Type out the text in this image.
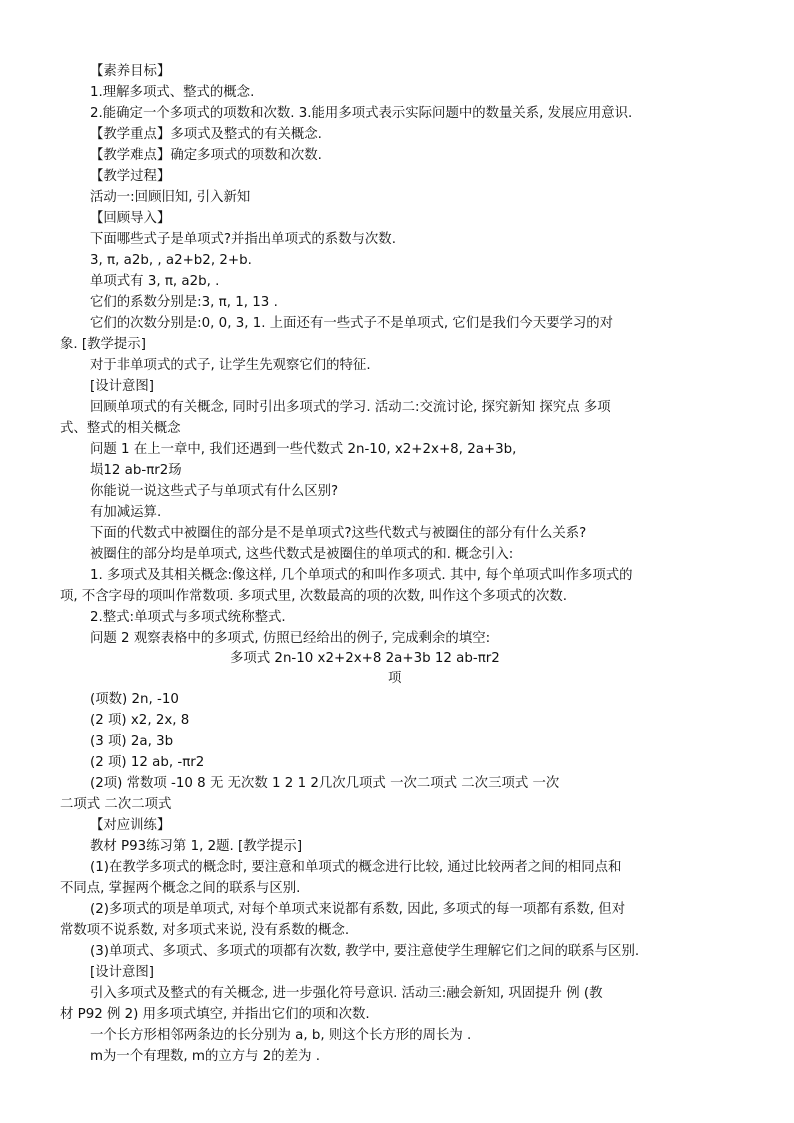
【素养目标】

1.理解多项式、整式的概念.

2.能确定一个多项式的项数和次数. 3.能用多项式表示实际问题中的数量关系, 发展应用意识.

【教学重点】多项式及整式的有关概念.

【教学难点】确定多项式的项数和次数.

【教学过程】

活动一:回顾旧知, 引入新知

【回顾导入】

下面哪些式子是单项式?并指出单项式的系数与次数.

3, π, a2b, , a2+b2, 2+b.

单项式有 3, π, a2b, .

它们的系数分别是:3, π, 1, 13 .

它们的次数分别是:0, 0, 3, 1. 上面还有一些式子不是单项式, 它们是我们今天要学习的对

象. [教学提示]

对于非单项式的式子, 让学生先观察它们的特征.

[设计意图]

回顾单项式的有关概念, 同时引出多项式的学习. 活动二:交流讨论, 探究新知 探究点 多项

式、整式的相关概念

问题 1 在上一章中, 我们还遇到一些代数式 2n-10, x2+2x+8, 2a+3b,

埙12 ab-πr2玚

你能说一说这些式子与单项式有什么区别?

有加减运算.

下面的代数式中被圈住的部分是不是单项式?这些代数式与被圈住的部分有什么关系?

被圈住的部分均是单项式, 这些代数式是被圈住的单项式的和. 概念引入:

1. 多项式及其相关概念:像这样, 几个单项式的和叫作多项式. 其中, 每个单项式叫作多项式的

项, 不含字母的项叫作常数项. 多项式里, 次数最高的项的次数, 叫作这个多项式的次数.

2.整式:单项式与多项式统称整式.

问题 2 观察表格中的多项式, 仿照已经给出的例子, 完成剩余的填空:

多项式 2n-10 x2+2x+8 2a+3b 12 ab-πr2

项

(项数) 2n, -10

(2 项) x2, 2x, 8

(3 项) 2a, 3b

(2 项) 12 ab, -πr2

(2项) 常数项 -10 8 无 无次数 1 2 1 2几次几项式 一次二项式 二次三项式 一次

二项式 二次二项式

【对应训练】

教材 P93练习第 1, 2题. [教学提示]

(1)在教学多项式的概念时, 要注意和单项式的概念进行比较, 通过比较两者之间的相同点和

不同点, 掌握两个概念之间的联系与区别.

(2)多项式的项是单项式, 对每个单项式来说都有系数, 因此, 多项式的每一项都有系数, 但对

常数项不说系数, 对多项式来说, 没有系数的概念.

(3)单项式、多项式、多项式的项都有次数, 教学中, 要注意使学生理解它们之间的联系与区别.

[设计意图]

引入多项式及整式的有关概念, 进一步强化符号意识. 活动三:融会新知, 巩固提升 例 (教

材 P92 例 2) 用多项式填空, 并指出它们的项和次数.

一个长方形相邻两条边的长分别为 a, b, 则这个长方形的周长为 .

m为一个有理数, m的立方与 2的差为 .
